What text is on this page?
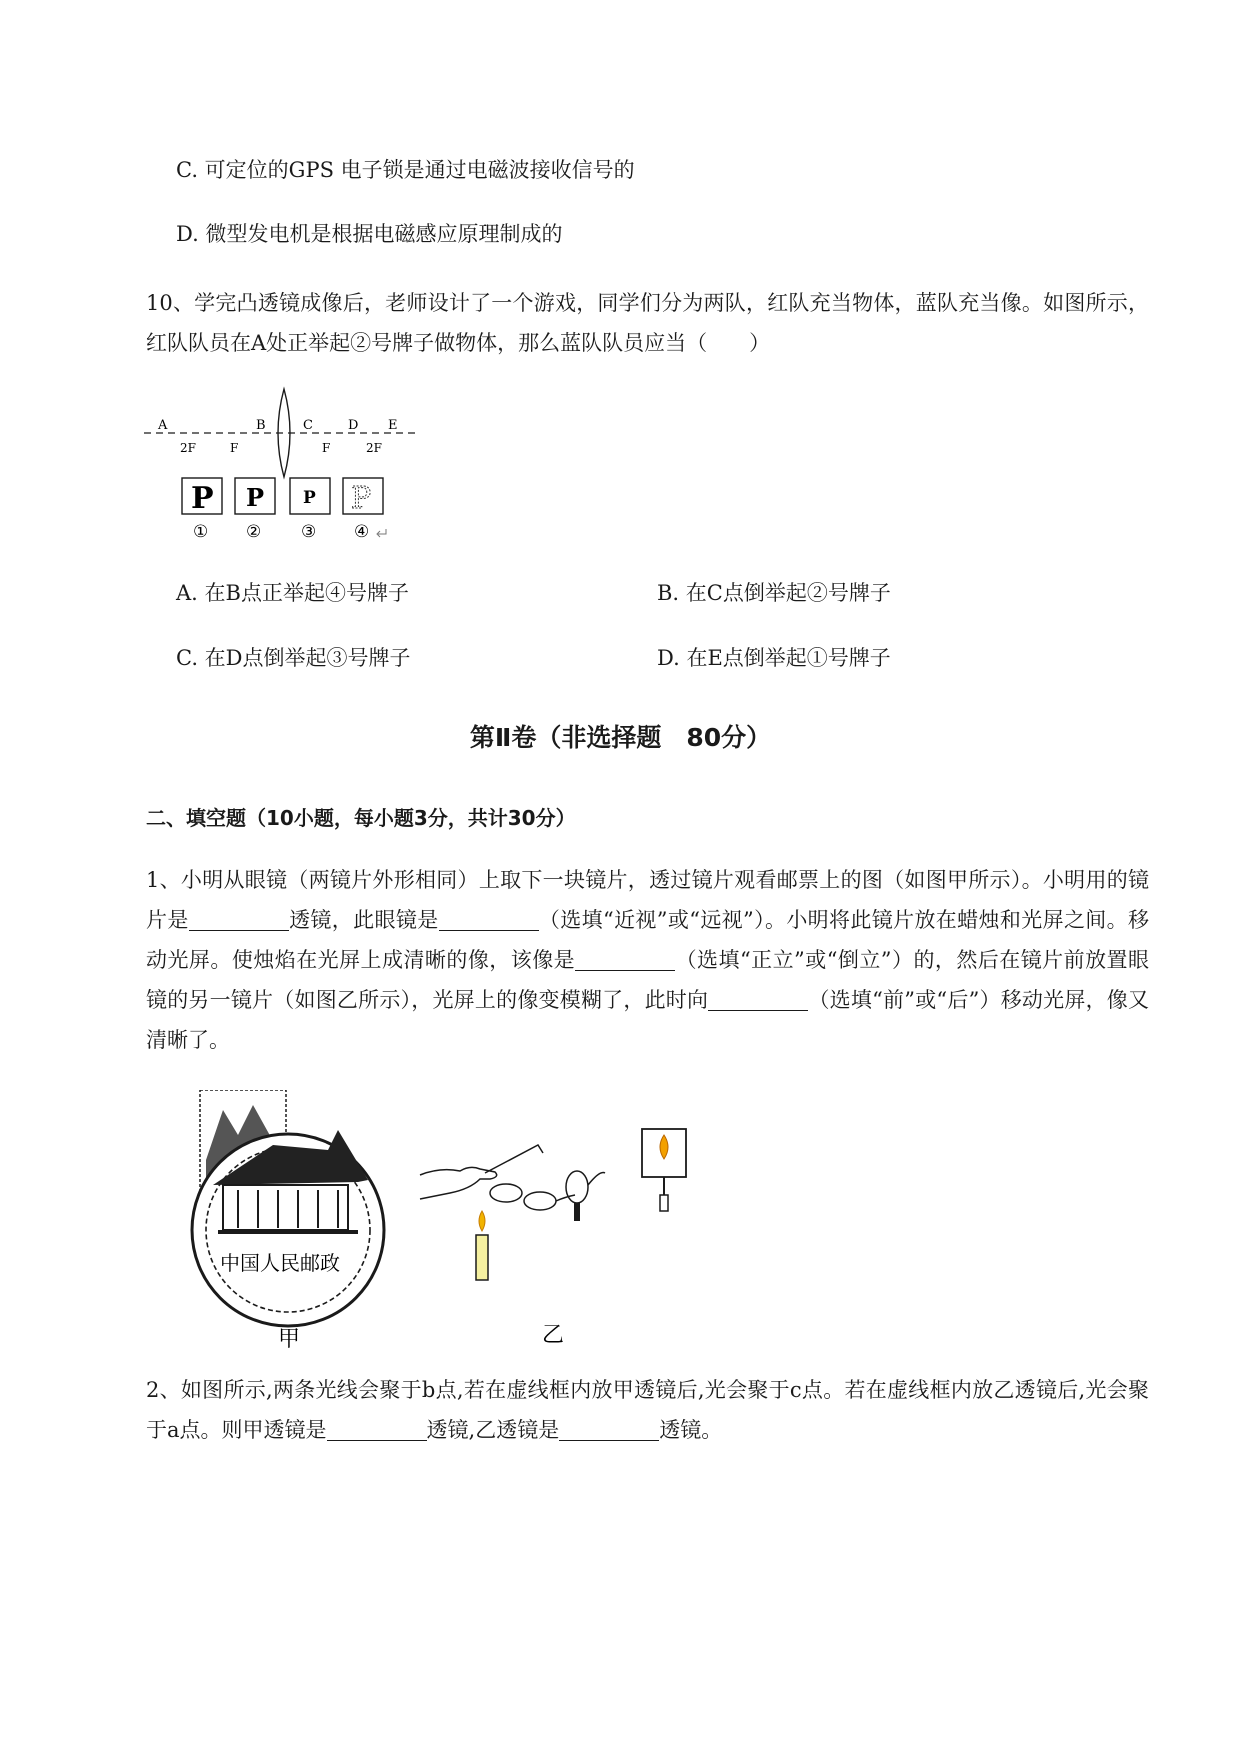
C. 可定位的GPS 电子锁是通过电磁波接收信号的
D. 微型发电机是根据电磁感应原理制成的
10、学完凸透镜成像后，老师设计了一个游戏，同学们分为两队，红队充当物体，蓝队充当像。如图所示，红队队员在A处正举起②号牌子做物体，那么蓝队队员应当（　　）
A	B	C	D E
2F	F	F	2F
P P P P
① ② ③ ④
A. 在B点正举起④号牌子	B. 在C点倒举起②号牌子
C. 在D点倒举起③号牌子	D. 在E点倒举起①号牌子
第Ⅱ卷（非选择题　80分）
二、填空题（10小题，每小题3分，共计30分）
1、小明从眼镜（两镜片外形相同）上取下一块镜片，透过镜片观看邮票上的图（如图甲所示）。小明用的镜片是	透镜，此眼镜是	（选填“近视”或“远视”）。小明将此镜片放在蜡烛和光屏之间。移动光屏。使烛焰在光屏上成清晰的像，该像是	（选填“正立”或“倒立”）的，然后在镜片前放置眼镜的另一镜片（如图乙所示），光屏上的像变模糊了，此时向	（选填“前”或“后”）移动光屏，像又清晰了。
中国人民邮政
甲	乙
2、如图所示,两条光线会聚于b点,若在虚线框内放甲透镜后,光会聚于c点。若在虚线框内放乙透镜后,光会聚于a点。则甲透镜是	透镜,乙透镜是	透镜。
